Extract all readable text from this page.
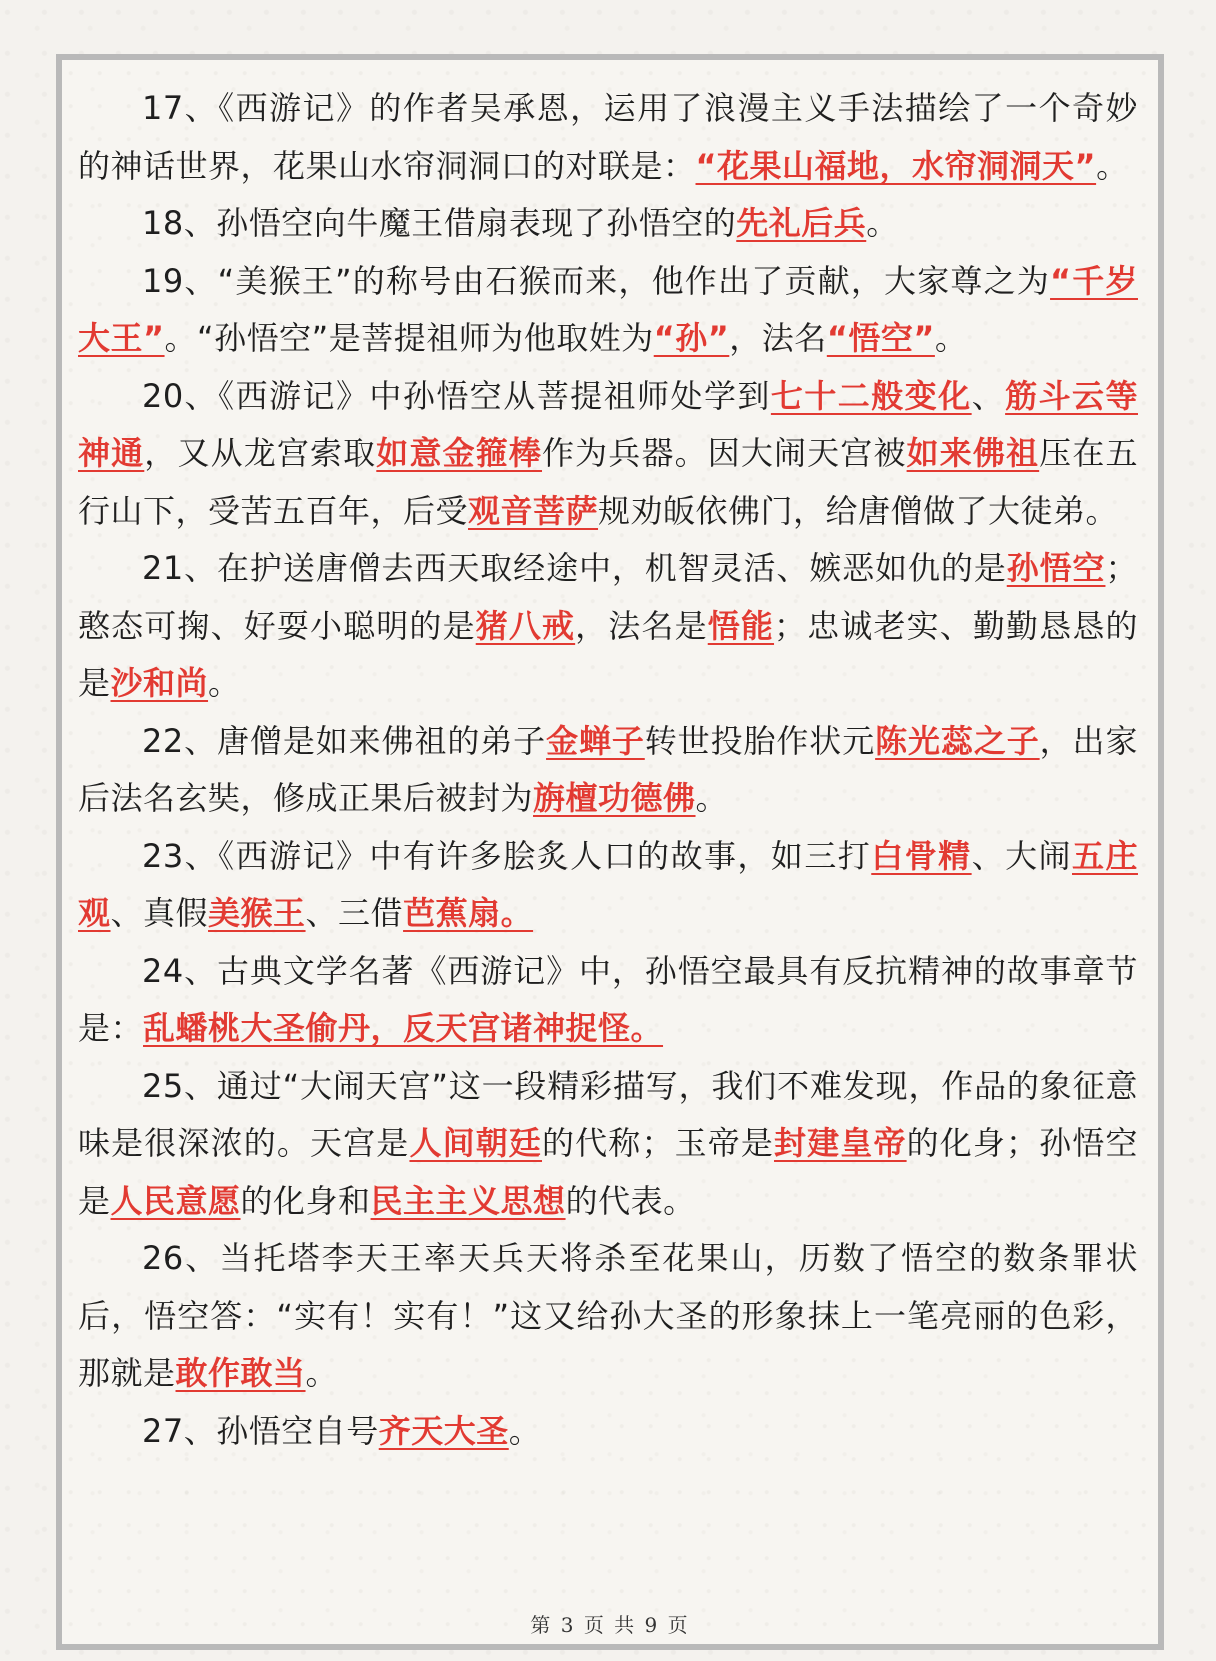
17、《西游记》的作者吴承恩，运用了浪漫主义手法描绘了一个奇妙的神话世界，花果山水帘洞洞口的对联是：“花果山福地，水帘洞洞天”。

18、孙悟空向牛魔王借扇表现了孙悟空的先礼后兵。

19、“美猴王”的称号由石猴而来，他作出了贡献，大家尊之为“千岁大王”。“孙悟空”是菩提祖师为他取姓为“孙”，法名“悟空”。

20、《西游记》中孙悟空从菩提祖师处学到七十二般变化、筋斗云等神通，又从龙宫索取如意金箍棒作为兵器。因大闹天宫被如来佛祖压在五行山下，受苦五百年，后受观音菩萨规劝皈依佛门，给唐僧做了大徒弟。

21、在护送唐僧去西天取经途中，机智灵活、嫉恶如仇的是孙悟空；憨态可掬、好耍小聪明的是猪八戒，法名是悟能；忠诚老实、勤勤恳恳的是沙和尚。

22、唐僧是如来佛祖的弟子金蝉子转世投胎作状元陈光蕊之子，出家后法名玄奘，修成正果后被封为旃檀功德佛。

23、《西游记》中有许多脍炙人口的故事，如三打白骨精、大闹五庄观、真假美猴王、三借芭蕉扇。

24、古典文学名著《西游记》中，孙悟空最具有反抗精神的故事章节是：乱蟠桃大圣偷丹，反天宫诸神捉怪。

25、通过“大闹天宫”这一段精彩描写，我们不难发现，作品的象征意味是很深浓的。天宫是人间朝廷的代称；玉帝是封建皇帝的化身；孙悟空是人民意愿的化身和民主主义思想的代表。

26、当托塔李天王率天兵天将杀至花果山，历数了悟空的数条罪状后，悟空答：“实有！实有！”这又给孙大圣的形象抹上一笔亮丽的色彩，那就是敢作敢当。

27、孙悟空自号齐天大圣。

第 3 页 共 9 页
